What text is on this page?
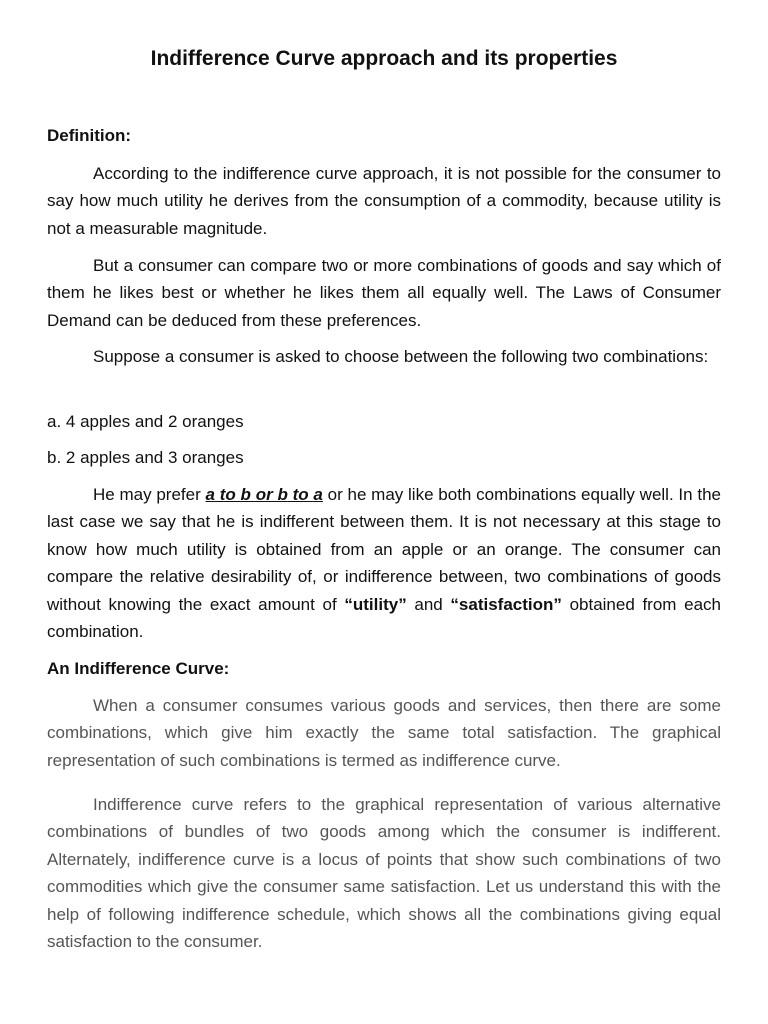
Indifference Curve approach and its properties
Definition:

According to the indifference curve approach, it is not possible for the consumer to say how much utility he derives from the consumption of a commodity, because utility is not a measurable magnitude.

But a consumer can compare two or more combinations of goods and say which of them he likes best or whether he likes them all equally well. The Laws of Consumer Demand can be deduced from these preferences.

Suppose a consumer is asked to choose between the following two combinations:

a. 4 apples and 2 oranges

b. 2 apples and 3 oranges

He may prefer a to b or b to a or he may like both combinations equally well. In the last case we say that he is indifferent between them. It is not necessary at this stage to know how much utility is obtained from an apple or an orange. The consumer can compare the relative desirability of, or indifference between, two combinations of goods without knowing the exact amount of “utility” and “satisfaction” obtained from each combination.

An Indifference Curve:

When a consumer consumes various goods and services, then there are some combinations, which give him exactly the same total satisfaction. The graphical representation of such combinations is termed as indifference curve.

Indifference curve refers to the graphical representation of various alternative combinations of bundles of two goods among which the consumer is indifferent. Alternately, indifference curve is a locus of points that show such combinations of two commodities which give the consumer same satisfaction. Let us understand this with the help of following indifference schedule, which shows all the combinations giving equal satisfaction to the consumer.
